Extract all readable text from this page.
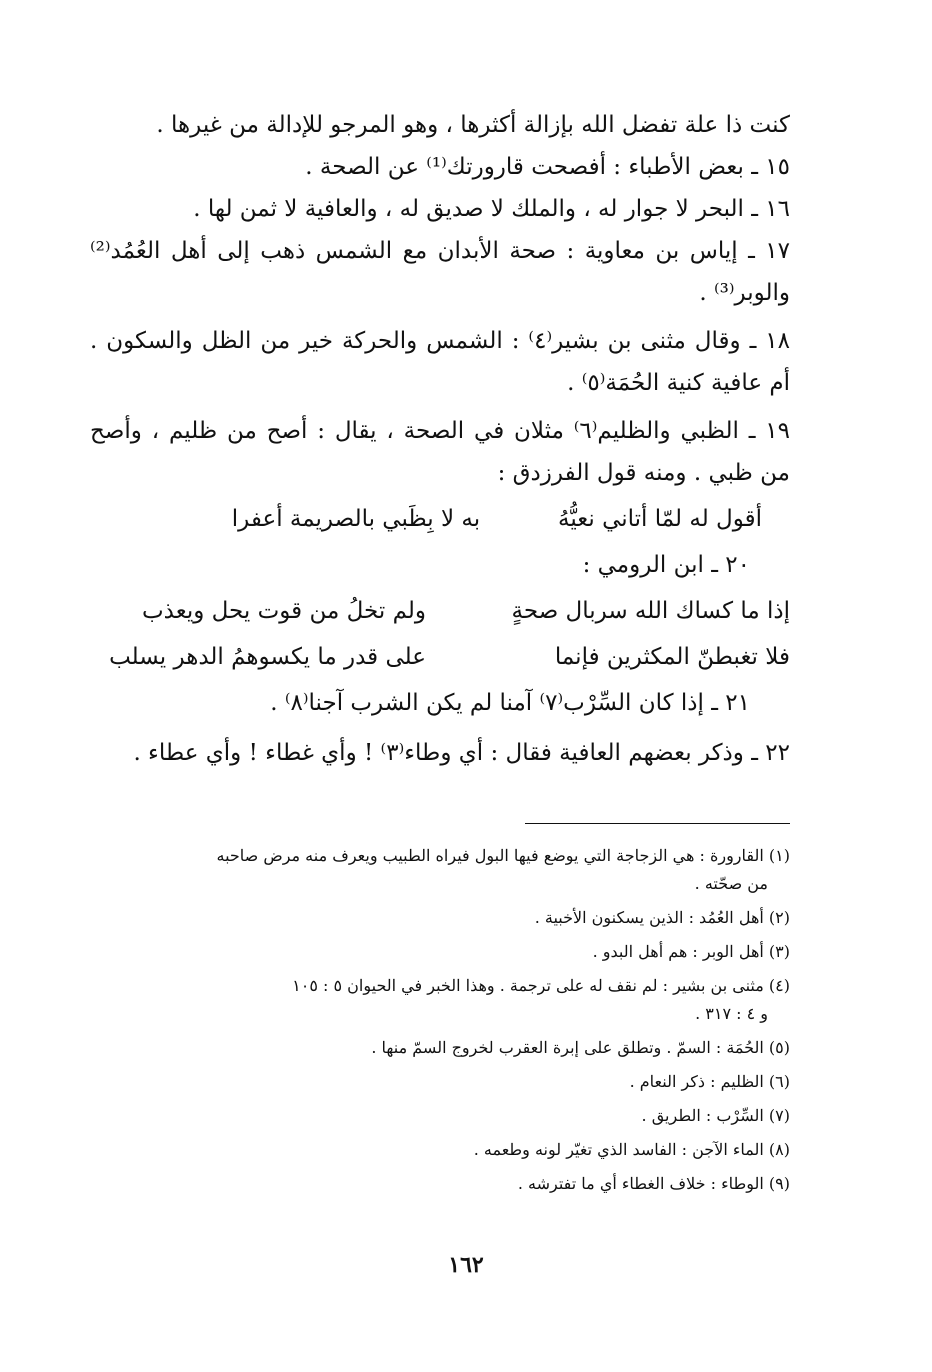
كنت ذا علة تفضل الله بإزالة أكثرها ، وهو المرجو للإدالة من غيرها .

١٥ ـ بعض الأطباء : أفصحت قارورتك⁽¹⁾ عن الصحة .

١٦ ـ البحر لا جوار له ، والملك لا صديق له ، والعافية لا ثمن لها .

١٧ ـ إياس بن معاوية : صحة الأبدان مع الشمس ذهب إلى أهل العُمُد⁽²⁾ والوبر⁽³⁾ .

١٨ ـ وقال مثنى بن بشير⁽٤⁾ : الشمس والحركة خير من الظل والسكون . أم عافية كنية الحُمَة⁽٥⁾ .

١٩ ـ الظبي والظليم⁽٦⁾ مثلان في الصحة ، يقال : أصح من ظليم ، وأصح من ظبي . ومنه قول الفرزدق :

أقول له لمّا أتاني نعيُّهُ
به لا بِظَبي بالصريمة أعفرا

٢٠ ـ ابن الرومي :

إذا ما كساك الله سربال صحةٍ
ولم تخلُ من قوت يحل ويعذب
فلا تغبطنّ المكثرين فإنما
على قدر ما يكسوهمُ الدهر يسلب

٢١ ـ إذا كان السِّرْب⁽٧⁾ آمنا لم يكن الشرب آجنا⁽٨⁾ .

٢٢ ـ وذكر بعضهم العافية فقال : أي وطاء⁽٣⁾ ! وأي غطاء ! وأي عطاء .

(١) القارورة : هي الزجاجة التي يوضع فيها البول فيراه الطبيب ويعرف منه مرض صاحبه
من صحّته .

(٢) أهل العُمُد : الذين يسكنون الأخبية .

(٣) أهل الوبر : هم أهل البدو .

(٤) مثنى بن بشير : لم نقف له على ترجمة . وهذا الخبر في الحيوان ٥ : ١٠٥
و ٤ : ٣١٧ .

(٥) الحُمَة : السمّ . وتطلق على إبرة العقرب لخروج السمّ منها .

(٦) الظليم : ذكر النعام .

(٧) السِّرْب : الطريق .

(٨) الماء الآجن : الفاسد الذي تغيّر لونه وطعمه .

(٩) الوطاء : خلاف الغطاء أي ما تفترشه .

١٦٢
